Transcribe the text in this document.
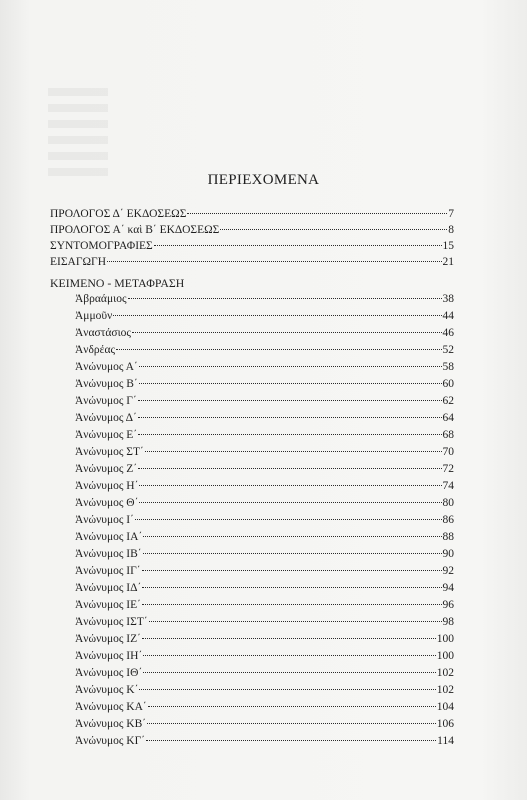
ΠΕΡΙΕΧΟΜΕΝΑ
ΠΡΟΛΟΓΟΣ Δ΄ ΕΚΔΟΣΕΩΣ	7
ΠΡΟΛΟΓΟΣ Α΄ καὶ Β΄ ΕΚΔΟΣΕΩΣ	8
ΣΥΝΤΟΜΟΓΡΑΦΙΕΣ	15
ΕΙΣΑΓΩΓΗ	21
ΚΕΙΜΕΝΟ - ΜΕΤΑΦΡΑΣΗ
Ἀβραάμιος	38
Ἀμμοῦν	44
Ἀναστάσιος	46
Ἀνδρέας	52
Ἀνώνυμος Α΄	58
Ἀνώνυμος Β΄	60
Ἀνώνυμος Γ΄	62
Ἀνώνυμος Δ΄	64
Ἀνώνυμος Ε΄	68
Ἀνώνυμος ΣΤ΄	70
Ἀνώνυμος Ζ΄	72
Ἀνώνυμος Η΄	74
Ἀνώνυμος Θ΄	80
Ἀνώνυμος Ι΄	86
Ἀνώνυμος ΙΑ΄	88
Ἀνώνυμος ΙΒ΄	90
Ἀνώνυμος ΙΓ΄	92
Ἀνώνυμος ΙΔ΄	94
Ἀνώνυμος ΙΕ΄	96
Ἀνώνυμος ΙΣΤ΄	98
Ἀνώνυμος ΙΖ΄	100
Ἀνώνυμος ΙΗ΄	100
Ἀνώνυμος ΙΘ΄	102
Ἀνώνυμος Κ΄	102
Ἀνώνυμος ΚΑ΄	104
Ἀνώνυμος ΚΒ΄	106
Ἀνώνυμος ΚΓ΄	114
